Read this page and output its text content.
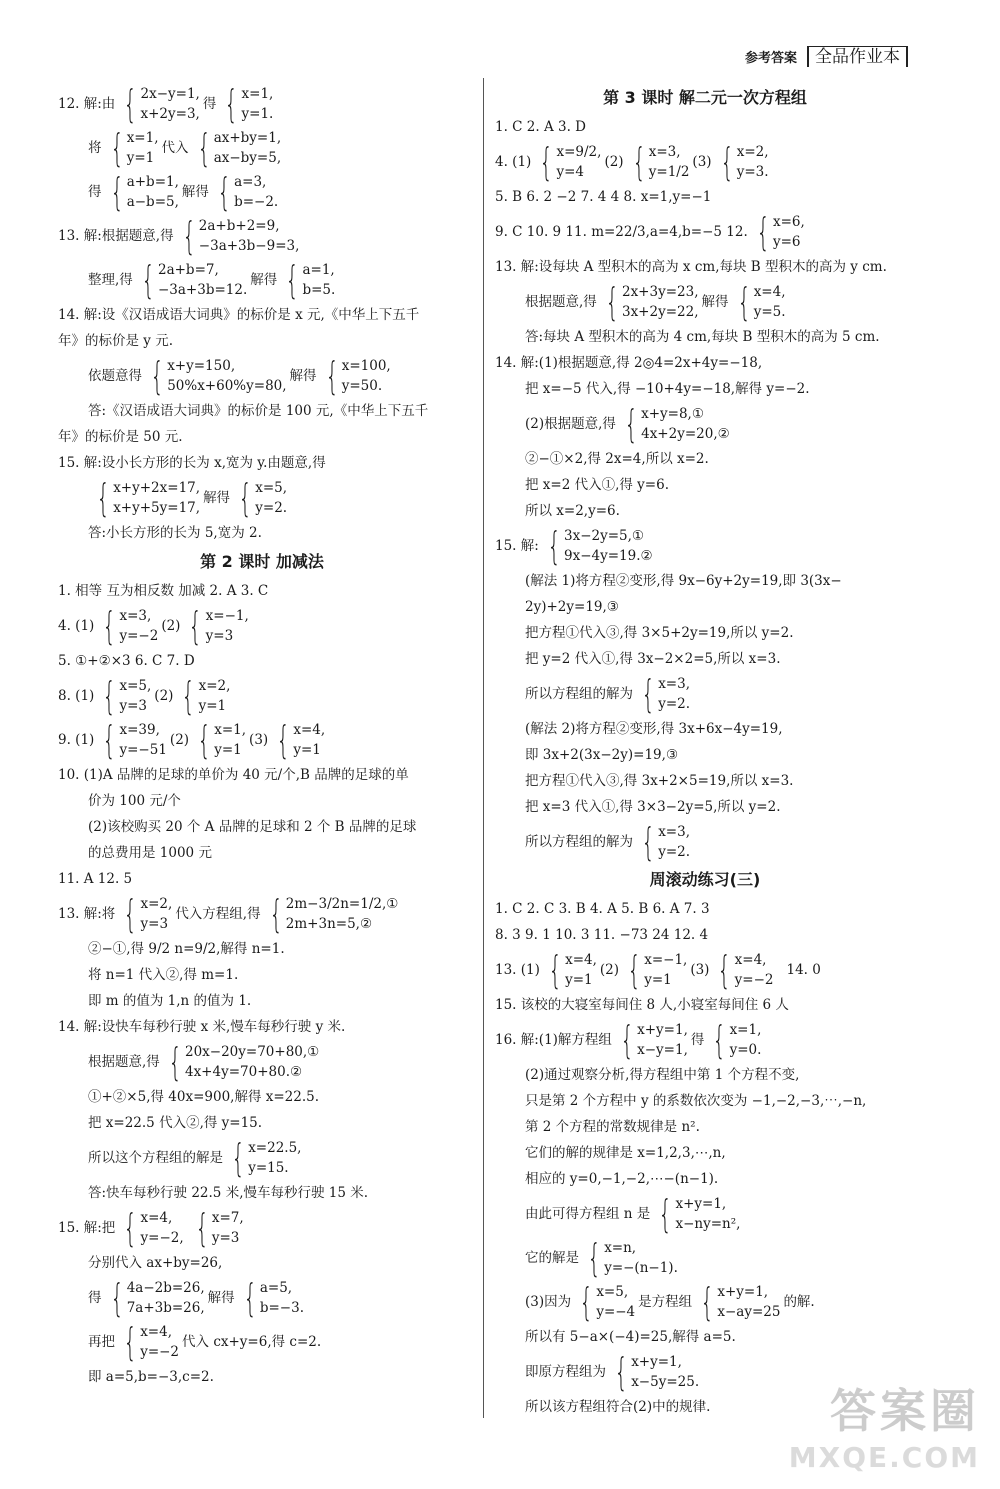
参考答案	全品作业本
12. 解:由 { 2x−y=1,
x+2y=3,
得 { x=1,
y=1.
将 { x=1,
y=1
代入 { ax+by=1,
ax−by=5,
得 { a+b=1,
a−b=5,
解得 { a=3,
b=−2.
13. 解:根据题意,得 { 2a+b+2=9,
−3a+3b−9=3,
整理,得 { 2a+b=7,
−3a+3b=12.
解得 { a=1,
b=5.
14. 解:设《汉语成语大词典》的标价是 x 元,《中华上下五千
年》的标价是 y 元.
依题意得 { x+y=150,
50%x+60%y=80,
解得 { x=100,
y=50.
答:《汉语成语大词典》的标价是 100 元,《中华上下五千
年》的标价是 50 元.
15. 解:设小长方形的长为 x,宽为 y.由题意,得
{ x+y+2x=17,
x+y+5y=17,
解得 { x=5,
y=2.
答:小长方形的长为 5,宽为 2.
第 2 课时 加减法
1. 相等 互为相反数 加减 2. A 3. C
4. (1) { x=3,
y=−2
(2) { x=−1,
y=3
5. ①+②×3 6. C 7. D
8. (1) { x=5,
y=3
(2) { x=2,
y=1
9. (1) { x=39,
y=−51
(2) { x=1,
y=1
(3) { x=4,
y=1
10. (1)A 品牌的足球的单价为 40 元/个,B 品牌的足球的单
价为 100 元/个
(2)该校购买 20 个 A 品牌的足球和 2 个 B 品牌的足球
的总费用是 1000 元
11. A 12. 5
13. 解:将 { x=2,
y=3
代入方程组,得 { 2m−3/2n=1/2,①
2m+3n=5,②
②−①,得 9/2 n=9/2,解得 n=1.
将 n=1 代入②,得 m=1.
即 m 的值为 1,n 的值为 1.
14. 解:设快车每秒行驶 x 米,慢车每秒行驶 y 米.
根据题意,得 { 20x−20y=70+80,①
4x+4y=70+80.②
①+②×5,得 40x=900,解得 x=22.5.
把 x=22.5 代入②,得 y=15.
所以这个方程组的解是 { x=22.5,
y=15.
答:快车每秒行驶 22.5 米,慢车每秒行驶 15 米.
15. 解:把 { x=4,
y=−2, { x=7,
y=3
分别代入 ax+by=26,
得 { 4a−2b=26,
7a+3b=26,
解得 { a=5,
b=−3.
再把 { x=4,
y=−2
代入 cx+y=6,得 c=2.
即 a=5,b=−3,c=2.
第 3 课时 解二元一次方程组
1. C 2. A 3. D
4. (1) { x=9/2,
y=4
(2) { x=3,
y=1/2
(3) { x=2,
y=3.
5. B 6. 2 −2 7. 4 4 8. x=1,y=−1
9. C 10. 9 11. m=22/3,a=4,b=−5 12. { x=6,
y=6
13. 解:设每块 A 型积木的高为 x cm,每块 B 型积木的高为 y cm.
根据题意,得 { 2x+3y=23,
3x+2y=22,
解得 { x=4,
y=5.
答:每块 A 型积木的高为 4 cm,每块 B 型积木的高为 5 cm.
14. 解:(1)根据题意,得 2◎4=2x+4y=−18,
把 x=−5 代入,得 −10+4y=−18,解得 y=−2.
(2)根据题意,得 { x+y=8,①
4x+2y=20,②
②−①×2,得 2x=4,所以 x=2.
把 x=2 代入①,得 y=6.
所以 x=2,y=6.
15. 解: { 3x−2y=5,①
9x−4y=19.②
(解法 1)将方程②变形,得 9x−6y+2y=19,即 3(3x−
2y)+2y=19,③
把方程①代入③,得 3×5+2y=19,所以 y=2.
把 y=2 代入①,得 3x−2×2=5,所以 x=3.
所以方程组的解为 { x=3,
y=2.
(解法 2)将方程②变形,得 3x+6x−4y=19,
即 3x+2(3x−2y)=19,③
把方程①代入③,得 3x+2×5=19,所以 x=3.
把 x=3 代入①,得 3×3−2y=5,所以 y=2.
所以方程组的解为 { x=3,
y=2.
周滚动练习(三)
1. C 2. C 3. B 4. A 5. B 6. A 7. 3
8. 3 9. 1 10. 3 11. −73 24 12. 4
13. (1) { x=4,
y=1
(2) { x=−1,
y=1
(3) { x=4,
y=−2
14. 0
15. 该校的大寝室每间住 8 人,小寝室每间住 6 人
16. 解:(1)解方程组 { x+y=1,
x−y=1,
得 { x=1,
y=0.
(2)通过观察分析,得方程组中第 1 个方程不变,
只是第 2 个方程中 y 的系数依次变为 −1,−2,−3,⋯,−n,
第 2 个方程的常数规律是 n².
它们的解的规律是 x=1,2,3,⋯,n,
相应的 y=0,−1,−2,⋯−(n−1).
由此可得方程组 n 是 { x+y=1,
x−ny=n²,
它的解是 { x=n,
y=−(n−1).
(3)因为 { x=5,
y=−4
是方程组 { x+y=1,
x−ay=25
的解.
所以有 5−a×(−4)=25,解得 a=5.
即原方程组为 { x+y=1,
x−5y=25.
所以该方程组符合(2)中的规律.	答案圈
MXQE.COM
